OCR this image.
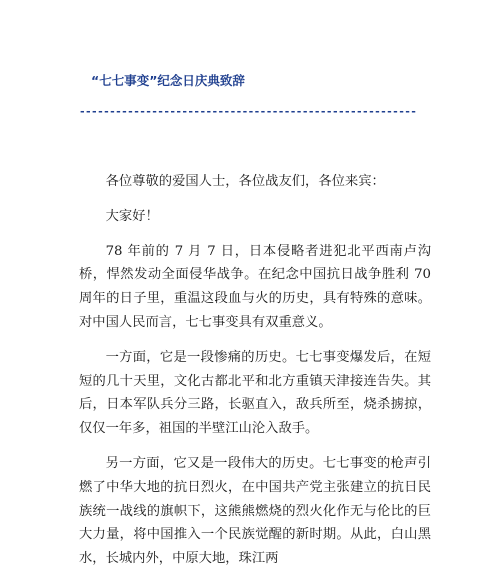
“七七事变”纪念日庆典致辞
--------------------------------------------------------

各位尊敬的爱国人士，各位战友们，各位来宾：

大家好！

78 年前的 7 月 7 日，日本侵略者进犯北平西南卢沟桥，悍然发动全面侵华战争。在纪念中国抗日战争胜利 70 周年的日子里，重温这段血与火的历史，具有特殊的意味。对中国人民而言，七七事变具有双重意义。

一方面，它是一段惨痛的历史。七七事变爆发后，在短短的几十天里，文化古都北平和北方重镇天津接连告失。其后，日本军队兵分三路，长驱直入，敌兵所至，烧杀掳掠，仅仅一年多，祖国的半壁江山沦入敌手。

另一方面，它又是一段伟大的历史。七七事变的枪声引燃了中华大地的抗日烈火，在中国共产党主张建立的抗日民族统一战线的旗帜下，这熊熊燃烧的烈火化作无与伦比的巨大力量，将中国推入一个民族觉醒的新时期。从此，白山黑水，长城内外，中原大地，珠江两
